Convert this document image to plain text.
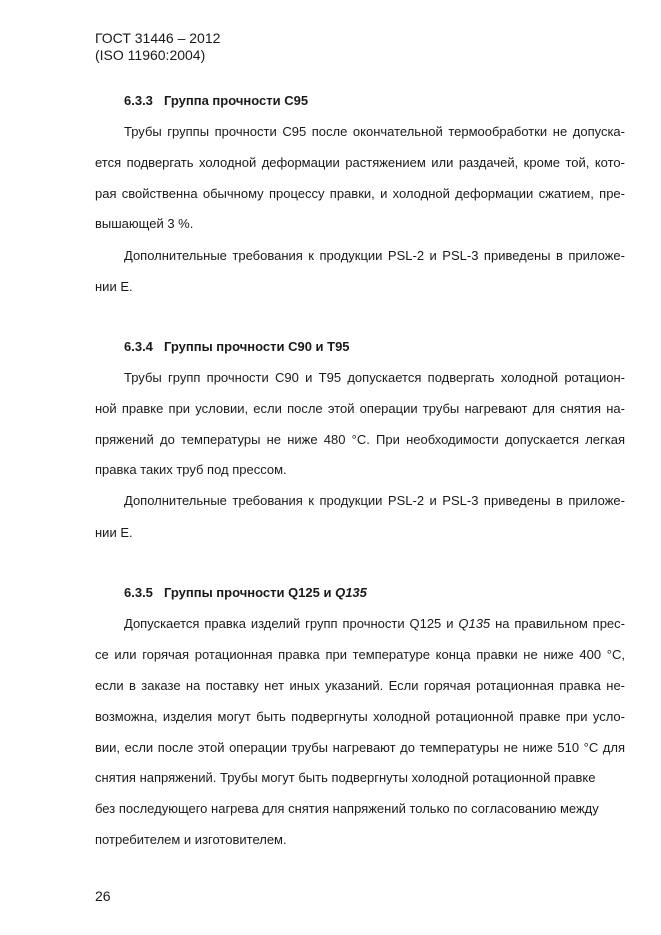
ГОСТ 31446 – 2012
(ISO 11960:2004)
6.3.3 Группа прочности C95
Трубы группы прочности C95 после окончательной термообработки не допуска-
ется подвергать холодной деформации растяжением или раздачей, кроме той, кото-
рая свойственна обычному процессу правки, и холодной деформации сжатием, пре-
вышающей 3 %.
Дополнительные требования к продукции PSL-2 и PSL-3 приведены в приложе-
нии Е.
6.3.4 Группы прочности C90 и T95
Трубы групп прочности C90 и T95 допускается подвергать холодной ротацион-
ной правке при условии, если после этой операции трубы нагревают для снятия на-
пряжений до температуры не ниже 480 °С. При необходимости допускается легкая
правка таких труб под прессом.
Дополнительные требования к продукции PSL-2 и PSL-3 приведены в приложе-
нии Е.
6.3.5 Группы прочности Q125 и Q135
Допускается правка изделий групп прочности Q125 и Q135 на правильном прес-
се или горячая ротационная правка при температуре конца правки не ниже 400 °С,
если в заказе на поставку нет иных указаний. Если горячая ротационная правка не-
возможна, изделия могут быть подвергнуты холодной ротационной правке при усло-
вии, если после этой операции трубы нагревают до температуры не ниже 510 °С для
снятия напряжений. Трубы могут быть подвергнуты холодной ротационной правке
без последующего нагрева для снятия напряжений только по согласованию между
потребителем и изготовителем.
26
